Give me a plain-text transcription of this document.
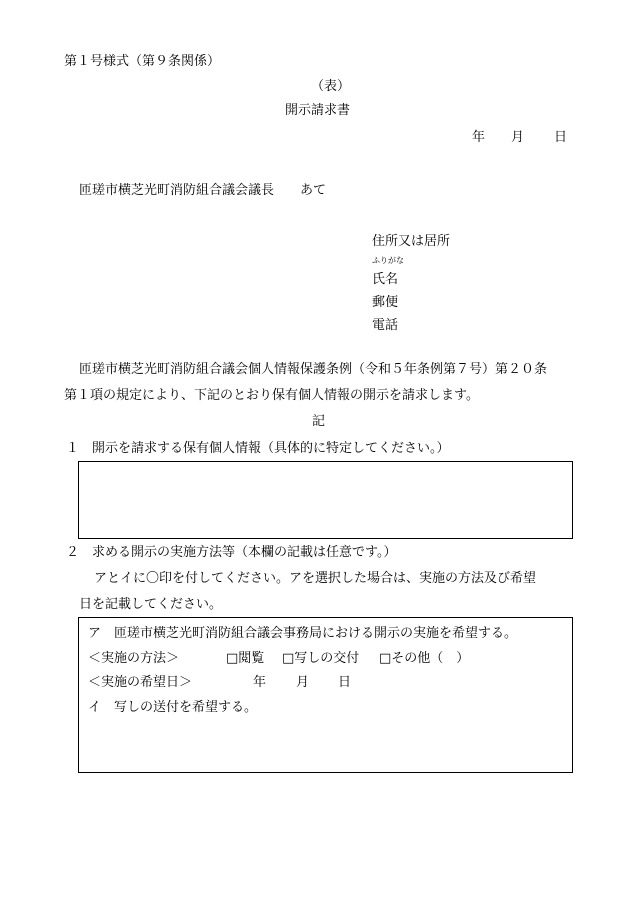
第１号様式（第９条関係）
（表）
開示請求書
年 月 日
匝瑳市横芝光町消防組合議会議長　　あて
住所又は居所
ふりがな
氏名
郵便
電話
匝瑳市横芝光町消防組合議会個人情報保護条例（令和５年条例第７号）第２０条
第１項の規定により、下記のとおり保有個人情報の開示を請求します。
記
１　開示を請求する保有個人情報（具体的に特定してください。）
２　求める開示の実施方法等（本欄の記載は任意です。）
アとイに〇印を付してください。アを選択した場合は、実施の方法及び希望
日を記載してください。
ア　匝瑳市横芝光町消防組合議会事務局における開示の実施を希望する。
＜実施の方法＞	□閲覧 □写しの交付 □その他（　）
＜実施の希望日＞	年 月 日
イ　写しの送付を希望する。
